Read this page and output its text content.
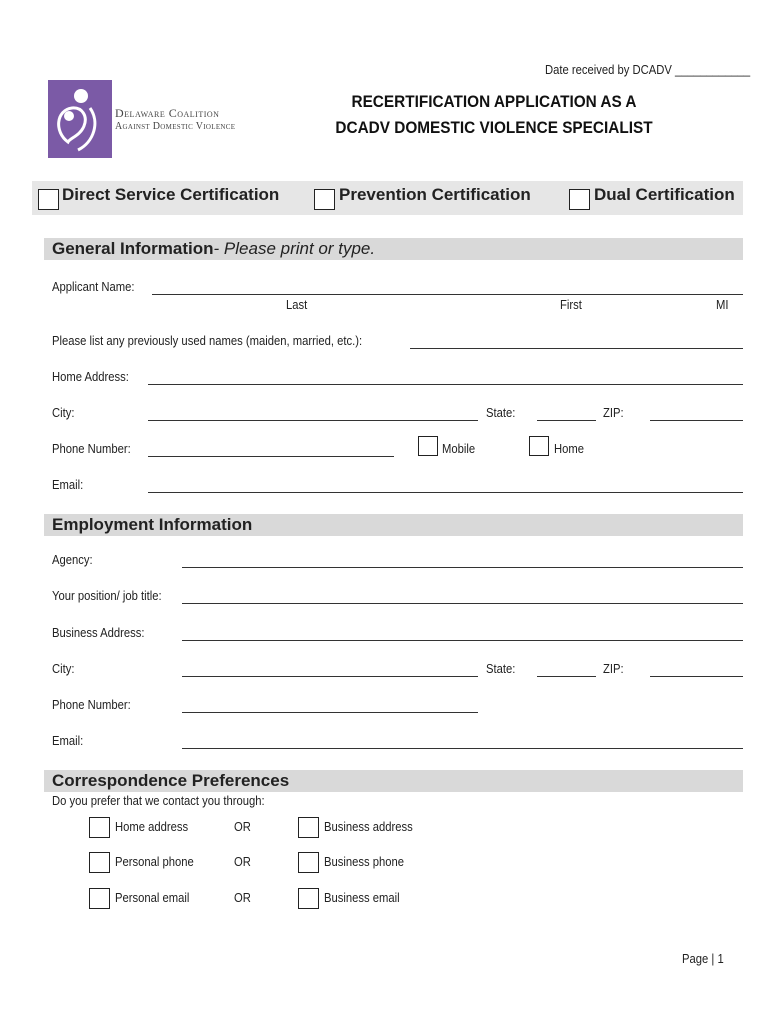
Date received by DCADV ____________
Delaware Coalition
Against Domestic Violence
RECERTIFICATION APPLICATION AS A
DCADV DOMESTIC VIOLENCE SPECIALIST
Direct Service Certification	Prevention Certification	Dual Certification
General Information- Please print or type.
Applicant Name:
Last	First	MI
Please list any previously used names (maiden, married, etc.):
Home Address:
City:	State:	ZIP:
Phone Number:	Mobile	Home
Email:
Employment Information
Agency:
Your position/ job title:
Business Address:
City:	State:	ZIP:
Phone Number:
Email:
Correspondence Preferences
Do you prefer that we contact you through:
Home address	OR	Business address
Personal phone	OR	Business phone
Personal email	OR	Business email
Page | 1
